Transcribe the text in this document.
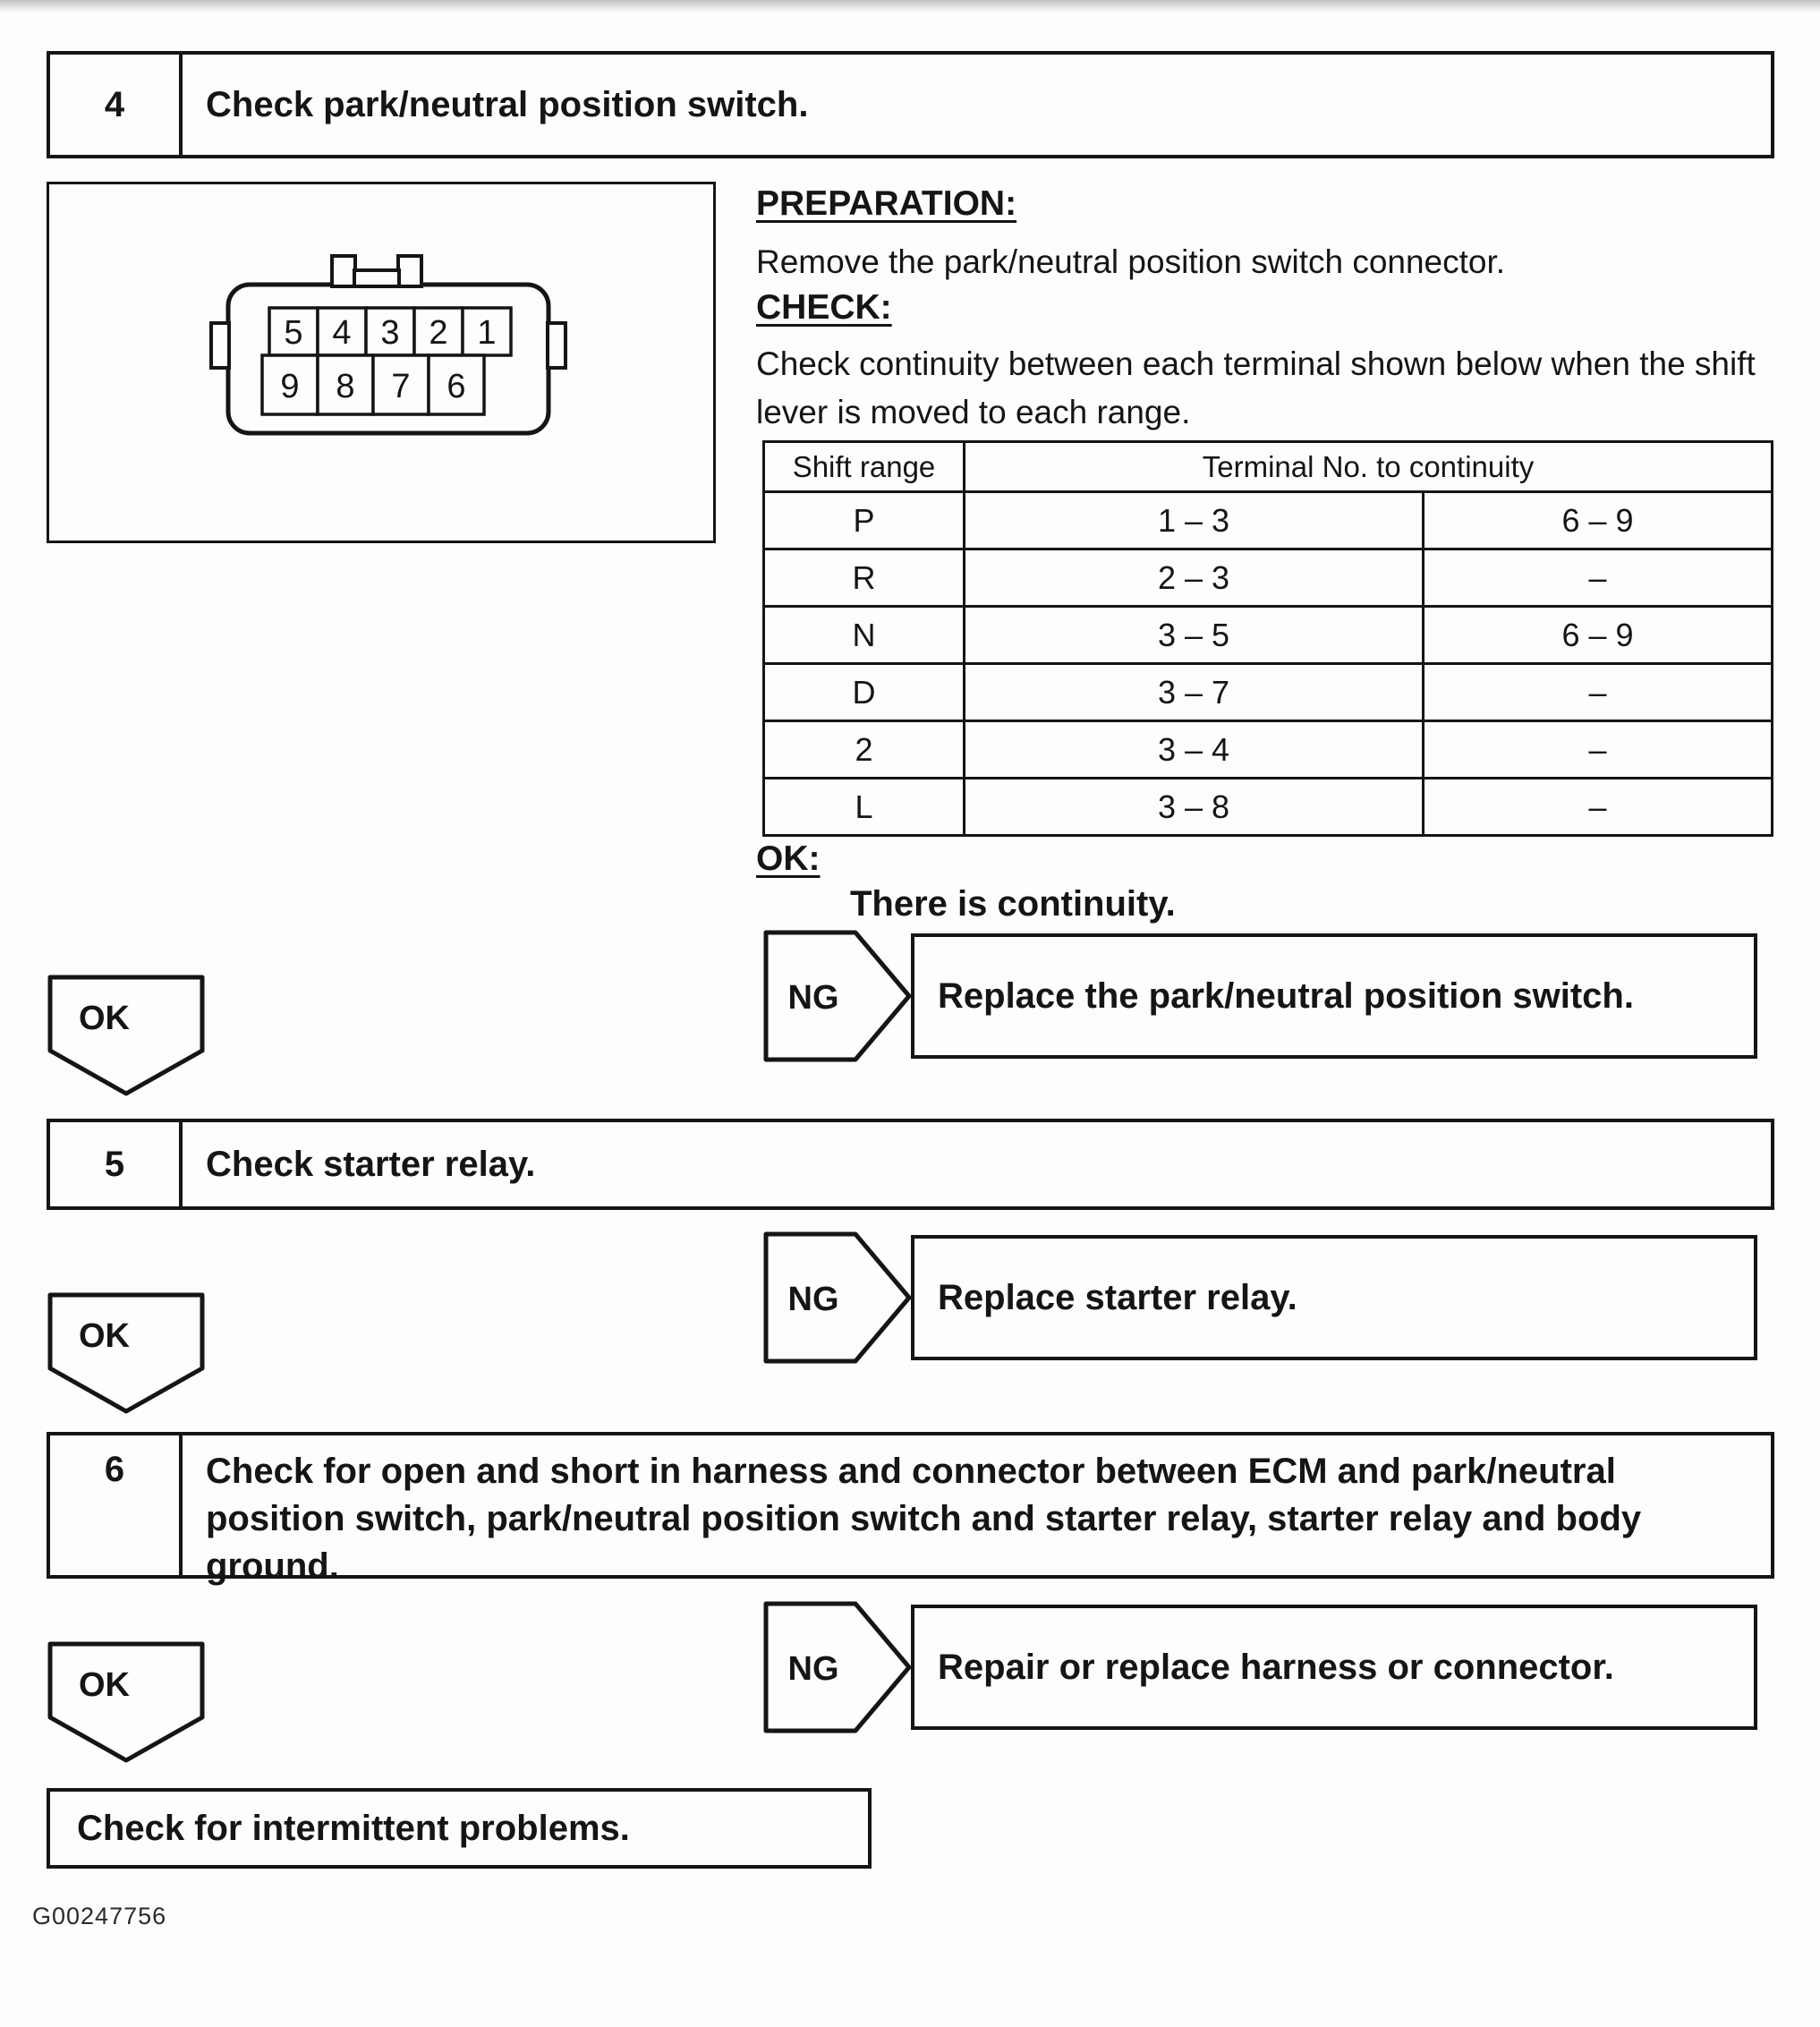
4	Check park/neutral position switch.
5 4 3 2 1
9 8 7 6
PREPARATION:
Remove the park/neutral position switch connector.
CHECK:
Check continuity between each terminal shown below when the shift lever is moved to each range.
Shift range	Terminal No. to continuity	
P	1 – 3	6 – 9
R	2 – 3	–
N	3 – 5	6 – 9
D	3 – 7	–
2	3 – 4	–
L	3 – 8	–
OK:
There is continuity.
NG	Replace the park/neutral position switch.
OK
5	Check starter relay.
NG	Replace starter relay.
OK
6	Check for open and short in harness and connector between ECM and park/neutral position switch, park/neutral position switch and starter relay, starter relay and body ground.
NG	Repair or replace harness or connector.
OK
Check for intermittent problems.
G00247756
